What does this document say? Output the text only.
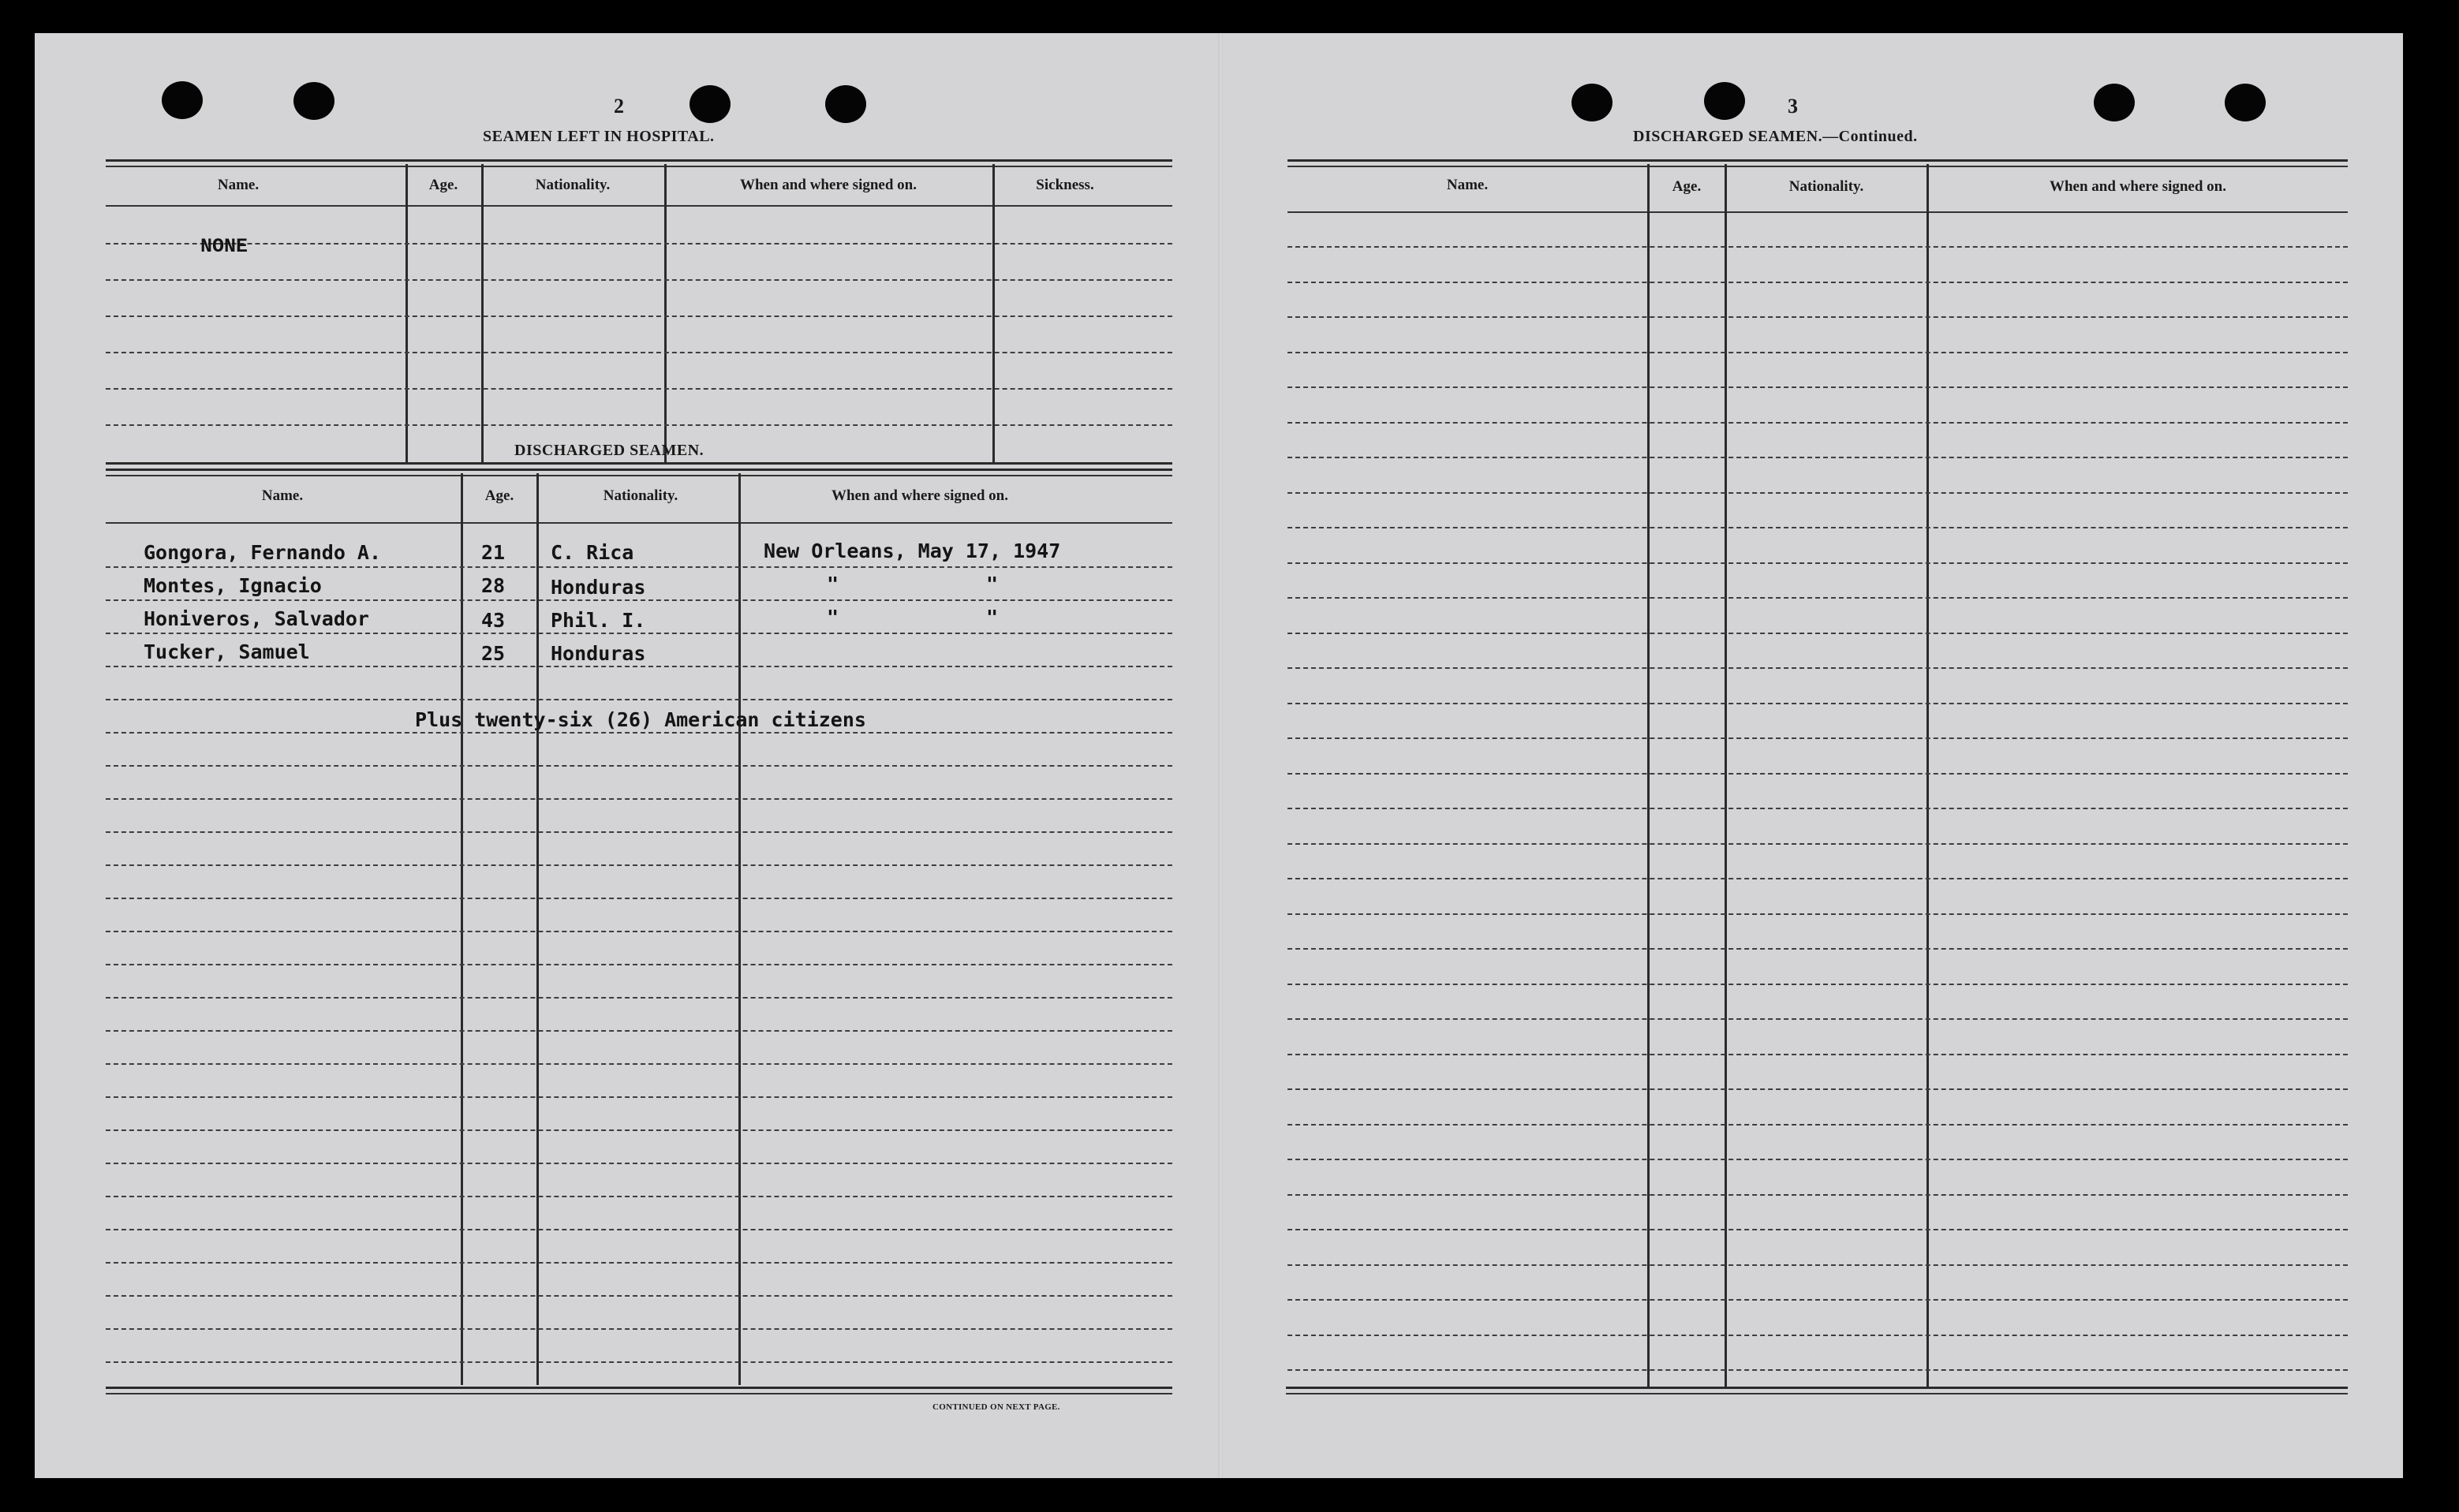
2
SEAMEN LEFT IN HOSPITAL.
Name.	Age.	Nationality.	When and where signed on.	Sickness.
NONE
DISCHARGED SEAMEN.
Name.	Age.	Nationality.	When and where signed on.
Gongora, Fernando A.	21 C. Rica	New Orleans, May 17, 1947
Montes, Ignacio	28 Honduras	"	"
Honiveros, Salvador	43 Phil. I.	"	"
Tucker, Samuel	25 Honduras
Plus twenty-six (26) American citizens
CONTINUED ON NEXT PAGE.
3
DISCHARGED SEAMEN.—Continued.
Name.	Age.	Nationality.	When and where signed on.
